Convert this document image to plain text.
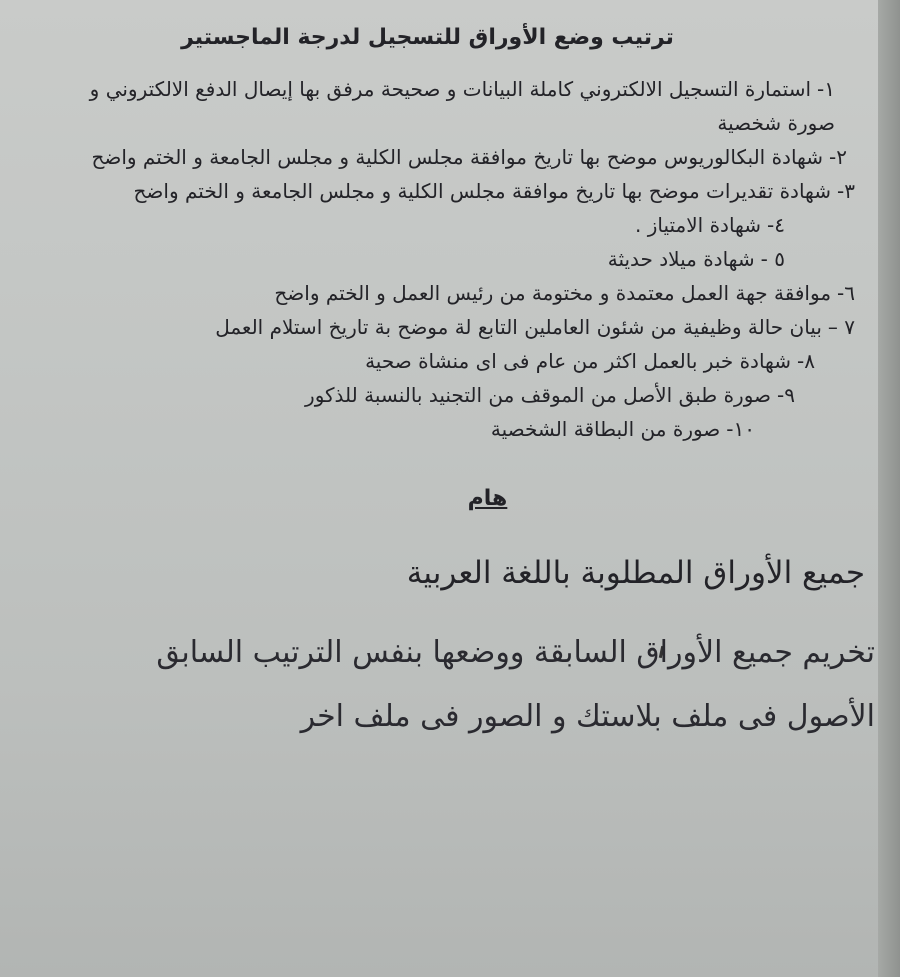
ترتيب وضع الأوراق للتسجيل لدرجة الماجستير
١-استمارة التسجيل الالكتروني كاملة البيانات و صحيحة مرفق بها إيصال الدفع الالكتروني و صورة شخصية
٢-شهادة البكالوريوس موضح بها تاريخ موافقة مجلس الكلية و مجلس الجامعة و الختم واضح
٣-شهادة تقديرات موضح بها تاريخ موافقة مجلس الكلية و مجلس الجامعة و الختم واضح
٤-شهادة الامتياز .
٥ -شهادة ميلاد حديثة
٦-موافقة جهة العمل معتمدة و مختومة من رئيس العمل و الختم واضح
٧ –بيان حالة وظيفية من شئون العاملين التابع لة موضح بة تاريخ استلام العمل
٨-شهادة خبر بالعمل اكثر من عام فى اى منشاة صحية
٩-صورة طبق الأصل من الموقف من التجنيد بالنسبة للذكور
١٠-صورة من البطاقة الشخصية
هام
جميع الأوراق المطلوبة باللغة العربية
تخريم جميع الأوراق السابقة ووضعها بنفس الترتيب السابق الأصول فى ملف بلاستك و الصور فى ملف اخر
